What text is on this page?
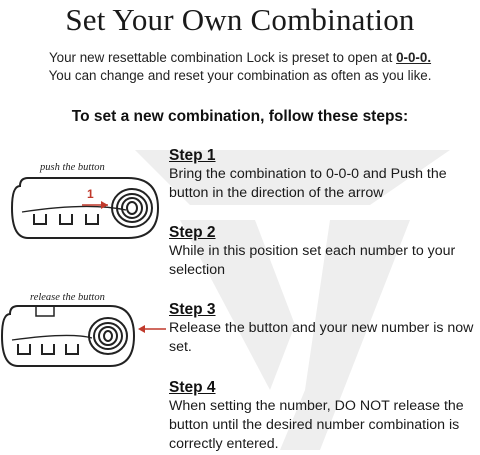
Set Your Own Combination
Your new resettable combination Lock is preset to open at 0-0-0.
You can change and reset your combination as often as you like.
To set a new combination, follow these steps:
push the button
1
release the button
Step 1
Bring the combination to 0-0-0 and Push the button in the direction of the arrow
Step 2
While in this position set each number to your selection
Step 3
Release the button and your new number is now set.
Step 4
When setting the number, DO NOT release the button until the desired number combination is correctly entered.
